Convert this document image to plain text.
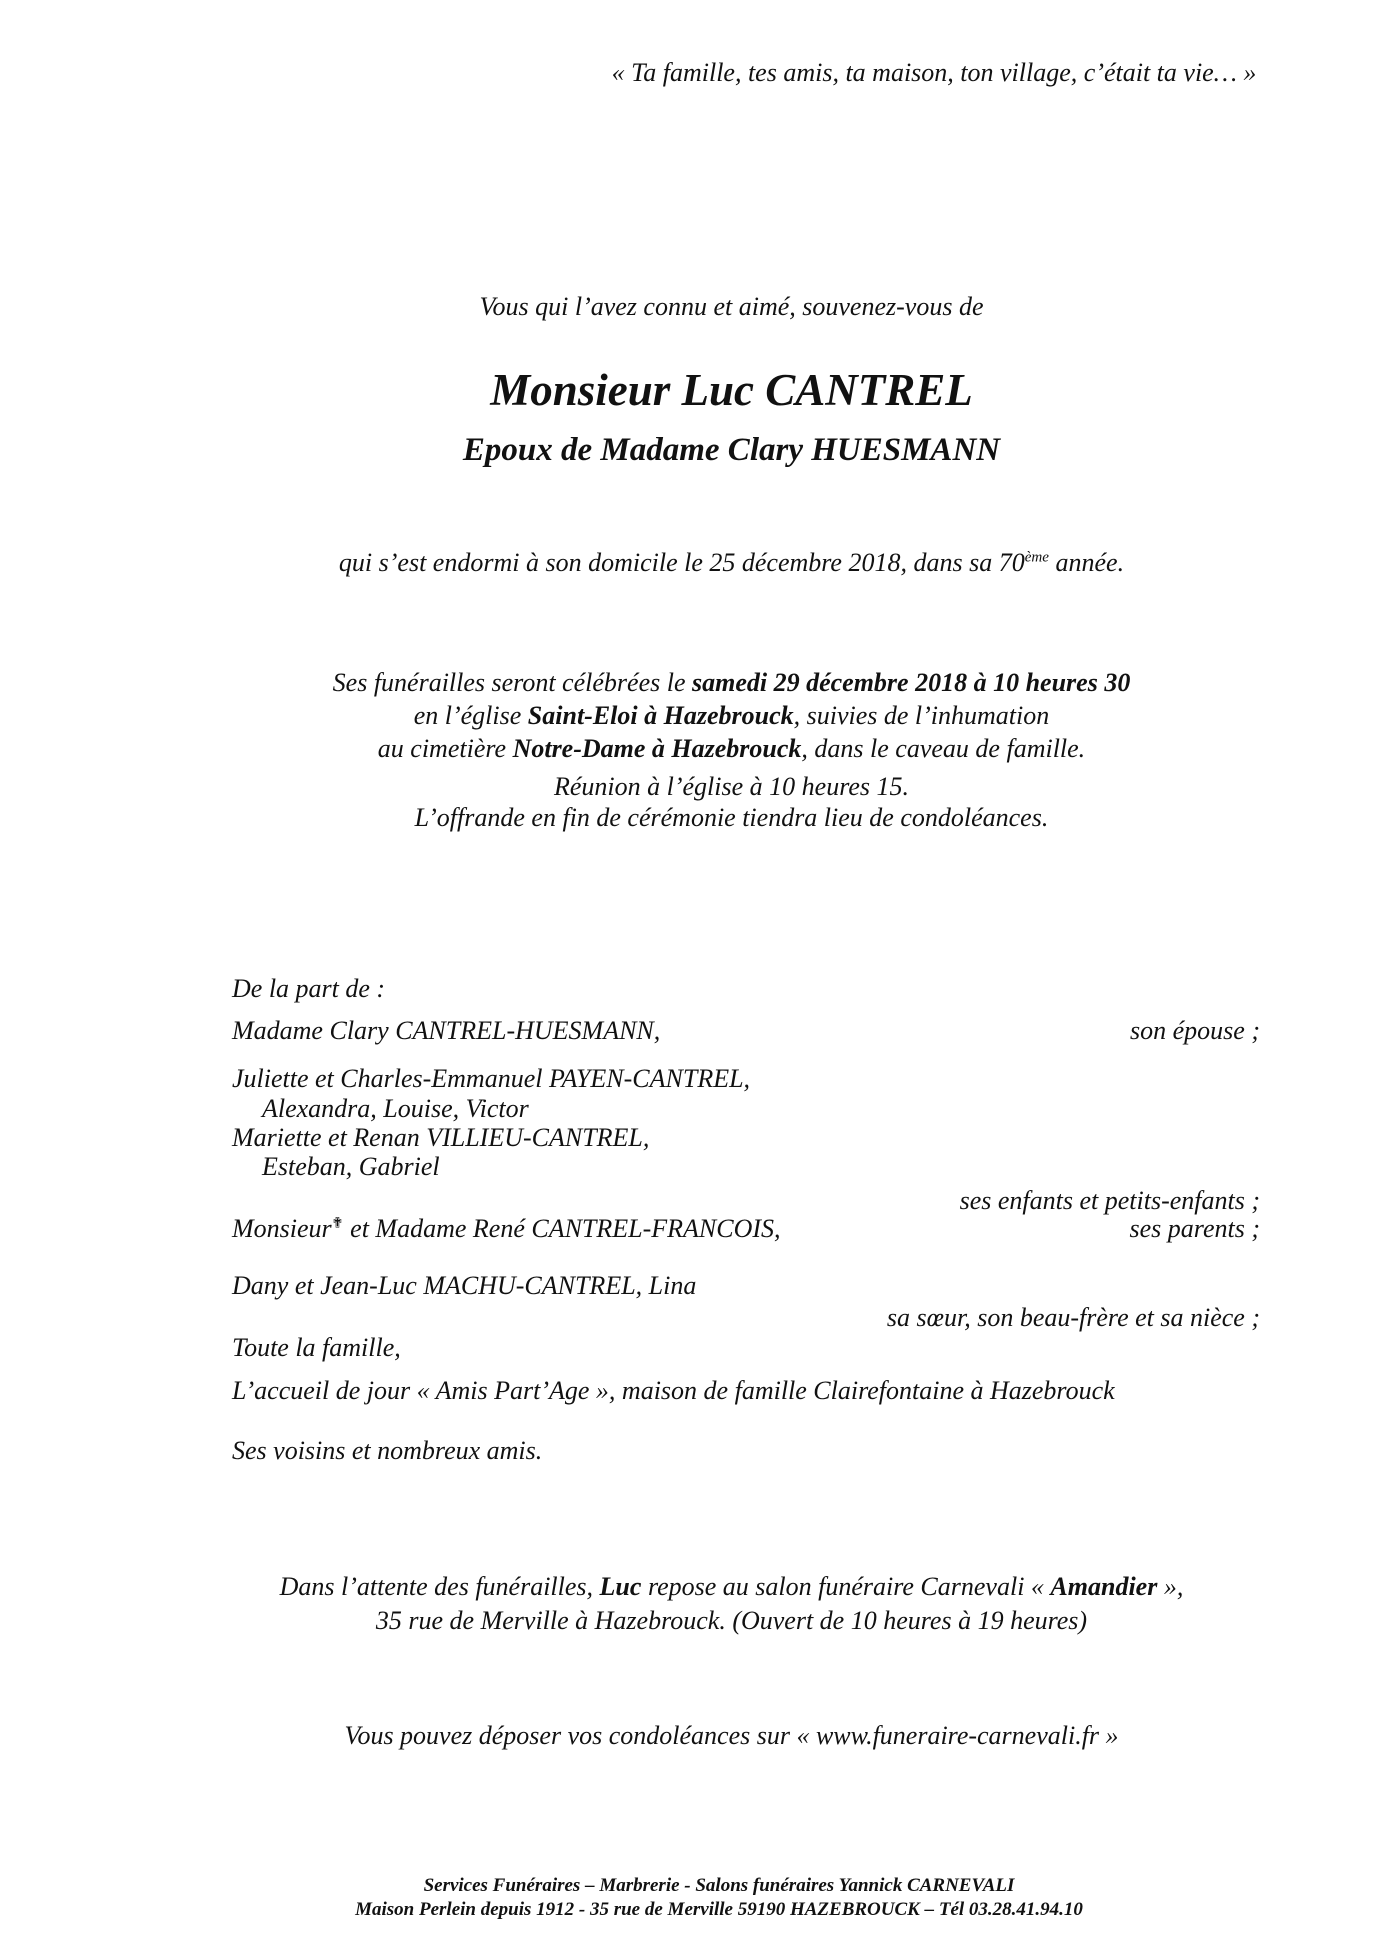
« Ta famille, tes amis, ta maison, ton village, c’était ta vie… »
Vous qui l’avez connu et aimé, souvenez-vous de
Monsieur Luc CANTREL
Epoux de Madame Clary HUESMANN
qui s’est endormi à son domicile le 25 décembre 2018, dans sa 70ème année.
Ses funérailles seront célébrées le samedi 29 décembre 2018 à 10 heures 30
en l’église Saint-Eloi à Hazebrouck, suivies de l’inhumation
au cimetière Notre-Dame à Hazebrouck, dans le caveau de famille.
Réunion à l’église à 10 heures 15.
L’offrande en fin de cérémonie tiendra lieu de condoléances.
De la part de :
Madame Clary CANTREL-HUESMANN,	son épouse ;
Juliette et Charles-Emmanuel PAYEN-CANTREL,
Alexandra, Louise, Victor
Mariette et Renan VILLIEU-CANTREL,
Esteban, Gabriel
ses enfants et petits-enfants ;
Monsieur✟ et Madame René CANTREL-FRANCOIS,	ses parents ;
Dany et Jean-Luc MACHU-CANTREL, Lina
sa sœur, son beau-frère et sa nièce ;
Toute la famille,
L’accueil de jour « Amis Part’Age », maison de famille Clairefontaine à Hazebrouck
Ses voisins et nombreux amis.
Dans l’attente des funérailles, Luc repose au salon funéraire Carnevali « Amandier »,
35 rue de Merville à Hazebrouck. (Ouvert de 10 heures à 19 heures)
Vous pouvez déposer vos condoléances sur « www.funeraire-carnevali.fr »
Services Funéraires – Marbrerie - Salons funéraires Yannick CARNEVALI
Maison Perlein depuis 1912 - 35 rue de Merville 59190 HAZEBROUCK – Tél 03.28.41.94.10
